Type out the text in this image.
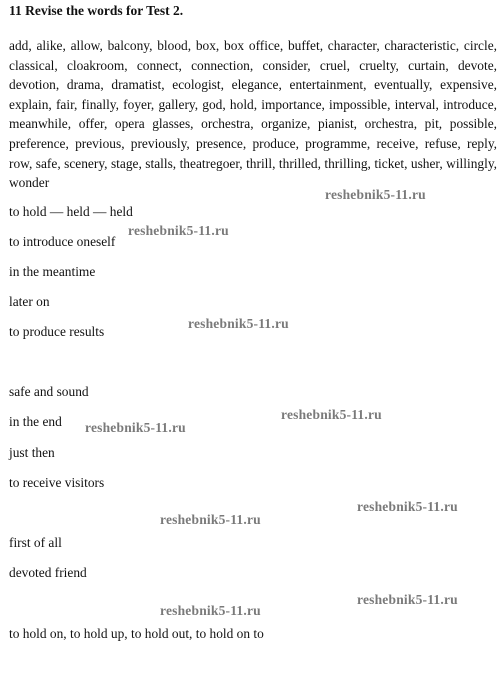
11 Revise the words for Test 2.

add, alike, allow, balcony, blood, box, box office, buffet, character, characteristic, circle, classical, cloakroom, connect, connection, consider, cruel, cruelty, curtain, devote, devotion, drama, dramatist, ecologist, elegance, entertainment, eventually, expensive, explain, fair, finally, foyer, gallery, god, hold, importance, impossible, interval, introduce, meanwhile, offer, opera glasses, orchestra, organize, pianist, orchestra, pit, possible, preference, previous, previously, presence, produce, programme, receive, refuse, reply, row, safe, scenery, stage, stalls, theatregoer, thrill, thrilled, thrilling, ticket, usher, willingly, wonder

to hold — held — held

to introduce oneself

in the meantime

later on

to produce results

safe and sound

in the end

just then

to receive visitors

first of all

devoted friend

to hold on, to hold up, to hold out, to hold on to

reshebnik5-11.ru
reshebnik5-11.ru
reshebnik5-11.ru
reshebnik5-11.ru
reshebnik5-11.ru
reshebnik5-11.ru
reshebnik5-11.ru
reshebnik5-11.ru
reshebnik5-11.ru
